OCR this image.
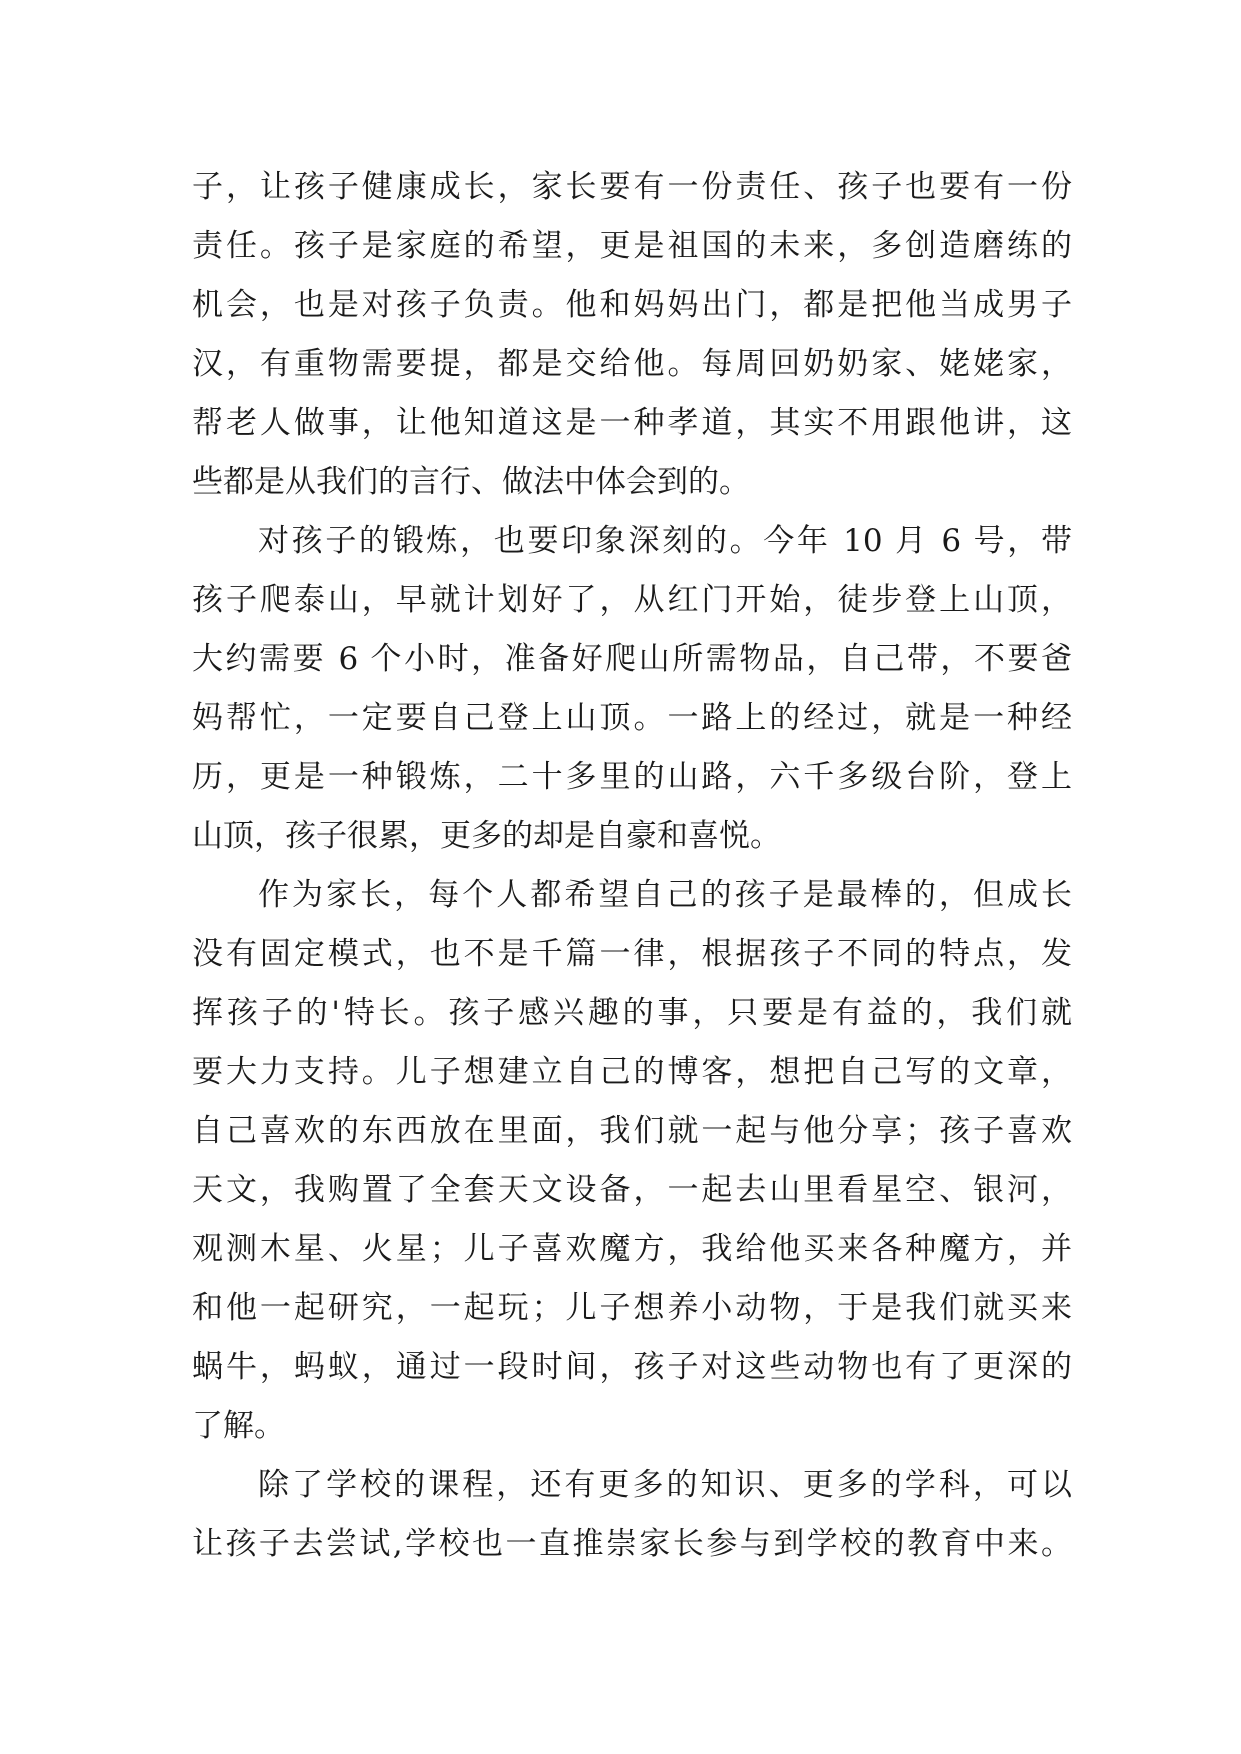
子，让孩子健康成长，家长要有一份责任、孩子也要有一份
责任。孩子是家庭的希望，更是祖国的未来，多创造磨练的
机会，也是对孩子负责。他和妈妈出门，都是把他当成男子
汉，有重物需要提，都是交给他。每周回奶奶家、姥姥家，
帮老人做事，让他知道这是一种孝道，其实不用跟他讲，这
些都是从我们的言行、做法中体会到的。
对孩子的锻炼，也要印象深刻的。今年 10 月 6 号，带
孩子爬泰山，早就计划好了，从红门开始，徒步登上山顶，
大约需要 6 个小时，准备好爬山所需物品，自己带，不要爸
妈帮忙，一定要自己登上山顶。一路上的经过，就是一种经
历，更是一种锻炼，二十多里的山路，六千多级台阶，登上
山顶，孩子很累，更多的却是自豪和喜悦。
作为家长，每个人都希望自己的孩子是最棒的，但成长
没有固定模式，也不是千篇一律，根据孩子不同的特点，发
挥孩子的'特长。孩子感兴趣的事，只要是有益的，我们就
要大力支持。儿子想建立自己的博客，想把自己写的文章，
自己喜欢的东西放在里面，我们就一起与他分享；孩子喜欢
天文，我购置了全套天文设备，一起去山里看星空、银河，
观测木星、火星；儿子喜欢魔方，我给他买来各种魔方，并
和他一起研究，一起玩；儿子想养小动物，于是我们就买来
蜗牛，蚂蚁，通过一段时间，孩子对这些动物也有了更深的
了解。
除了学校的课程，还有更多的知识、更多的学科，可以
让孩子去尝试,学校也一直推崇家长参与到学校的教育中来。
